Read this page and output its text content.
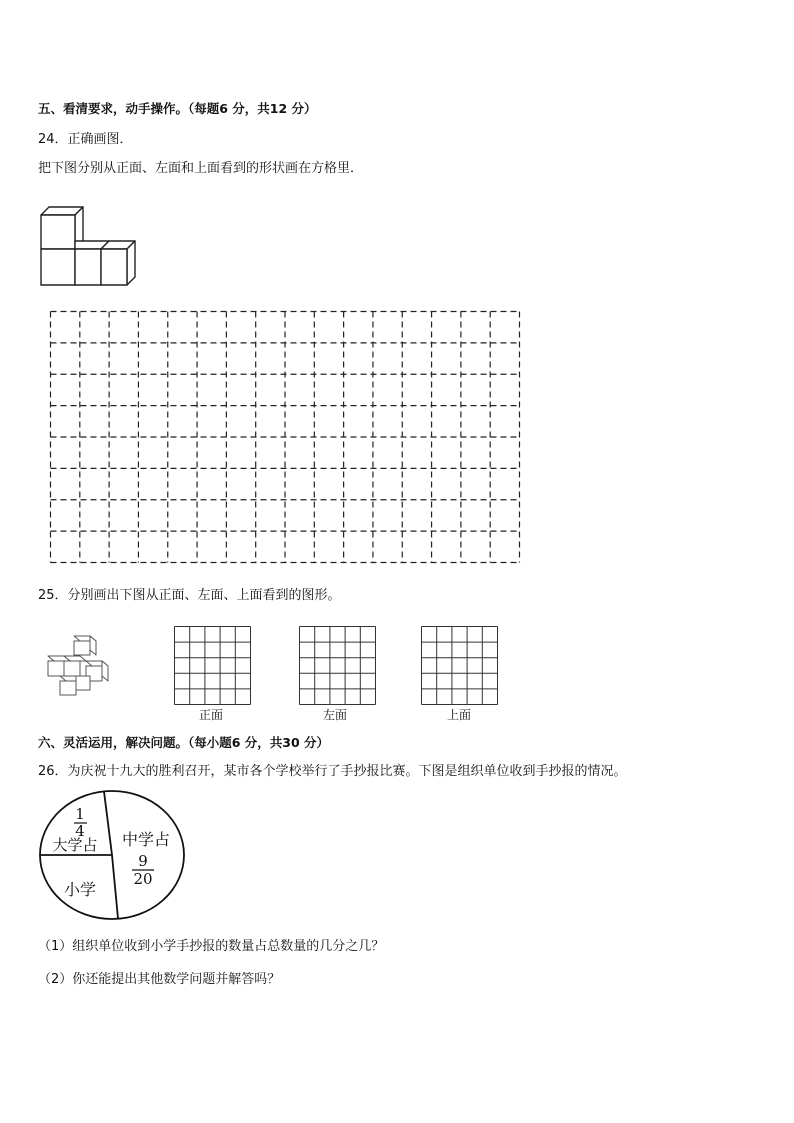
五、看清要求，动手操作。（每题6 分，共12 分）
24．正确画图．
把下图分别从正面、左面和上面看到的形状画在方格里．
25．分别画出下图从正面、左面、上面看到的图形。
正面	左面	上面
六、灵活运用，解决问题。（每小题6 分，共30 分）
26．为庆祝十九大的胜利召开，某市各个学校举行了手抄报比赛。下图是组织单位收到手抄报的情况。
1
4
大学占 中学占
9
20
小学
（1）组织单位收到小学手抄报的数量占总数量的几分之几？
（2）你还能提出其他数学问题并解答吗？
